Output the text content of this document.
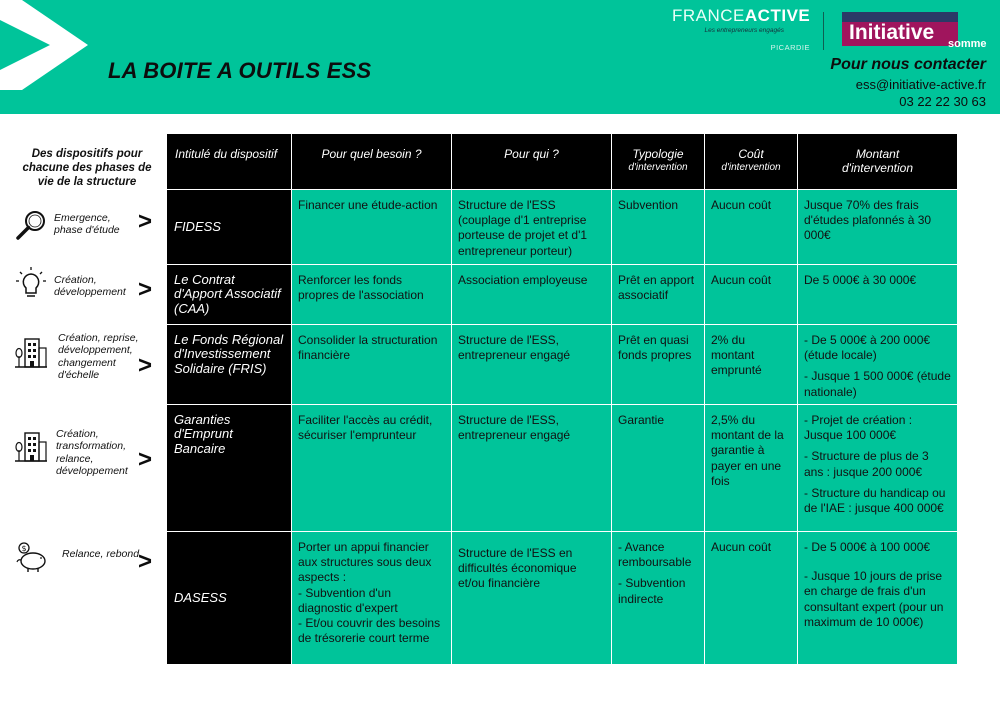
LA BOITE A OUTILS ESS
FRANCEACTIVE
Les entrepreneurs engagés
PICARDIE
Initiative somme
Pour nous contacter
ess@initiative-active.fr
03 22 22 30 63
Des dispositifs pour chacune des phases de vie de la structure
Emergence, phase d'étude >
Création, développement >
Création, reprise, développement, changement d'échelle	>
Création, transformation, relance, développement >
$	Relance, rebond
>
Intitulé du dispositif	Pour quel besoin ?	Pour qui ?	Typologie
d'intervention	Coût
d'intervention	Montant
d'intervention

FIDESS	Financer une étude-action	Structure de l'ESS (couplage d'1 entreprise porteuse de projet et d'1 entrepreneur porteur)	Subvention	Aucun coût	Jusque 70% des frais d'études plafonnés à 30 000€

Le Contrat d'Apport Associatif (CAA)	Renforcer les fonds propres de l'association	Association employeuse	Prêt en apport associatif	Aucun coût	De 5 000€ à 30 000€

Le Fonds Régional d'Investissement Solidaire (FRIS)	Consolider la structuration financière	Structure de l'ESS, entrepreneur engagé	Prêt en quasi fonds propres	2% du montant emprunté	- De 5 000€ à 200 000€ (étude locale)
- Jusque 1 500 000€ (étude nationale)

Garanties d'Emprunt Bancaire	Faciliter l'accès au crédit, sécuriser l'emprunteur	Structure de l'ESS, entrepreneur engagé	Garantie	2,5% du montant de la garantie à payer en une fois	- Projet de création : Jusque 100 000€
- Structure de plus de 3 ans : jusque 200 000€
- Structure du handicap ou de l'IAE : jusque 400 000€

DASESS	Porter un appui financier aux structures sous deux aspects :
- Subvention d'un diagnostic d'expert
- Et/ou couvrir des besoins de trésorerie court terme	Structure de l'ESS en difficultés économique et/ou financière	- Avance remboursable
- Subvention indirecte	Aucun coût	- De 5 000€ à 100 000€
- Jusque 10 jours de prise en charge de frais d'un consultant expert (pour un maximum de 10 000€)
